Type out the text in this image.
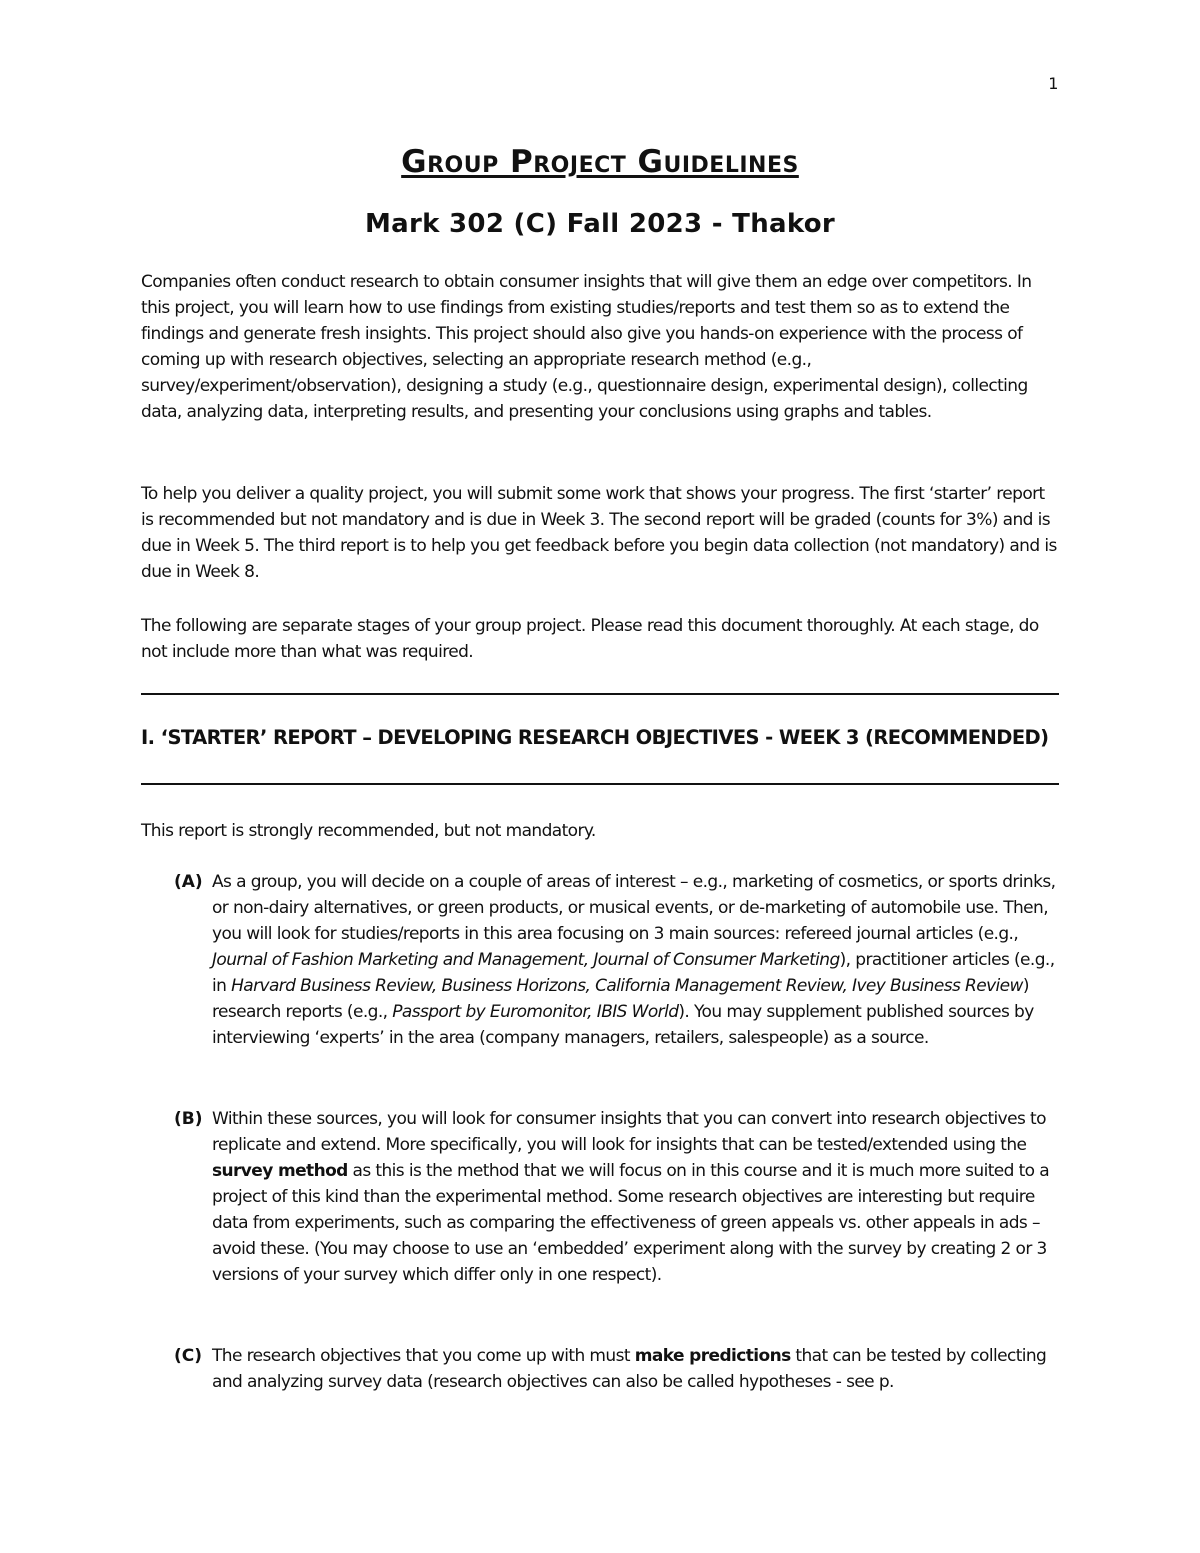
1
Group Project Guidelines
Mark 302 (C) Fall 2023 - Thakor

Companies often conduct research to obtain consumer insights that will give them an edge over competitors. In this project, you will learn how to use findings from existing studies/reports and test them so as to extend the findings and generate fresh insights. This project should also give you hands-on experience with the process of coming up with research objectives, selecting an appropriate research method (e.g., survey/experiment/observation), designing a study (e.g., questionnaire design, experimental design), collecting data, analyzing data, interpreting results, and presenting your conclusions using graphs and tables.

To help you deliver a quality project, you will submit some work that shows your progress. The first ‘starter’ report is recommended but not mandatory and is due in Week 3. The second report will be graded (counts for 3%) and is due in Week 5. The third report is to help you get feedback before you begin data collection (not mandatory) and is due in Week 8.

The following are separate stages of your group project. Please read this document thoroughly. At each stage, do not include more than what was required.

I. ‘STARTER’ REPORT – DEVELOPING RESEARCH OBJECTIVES - WEEK 3 (RECOMMENDED)

This report is strongly recommended, but not mandatory.

(A) As a group, you will decide on a couple of areas of interest – e.g., marketing of cosmetics, or sports drinks, or non-dairy alternatives, or green products, or musical events, or de-marketing of automobile use. Then, you will look for studies/reports in this area focusing on 3 main sources: refereed journal articles (e.g., Journal of Fashion Marketing and Management, Journal of Consumer Marketing), practitioner articles (e.g., in Harvard Business Review, Business Horizons, California Management Review, Ivey Business Review) research reports (e.g., Passport by Euromonitor, IBIS World). You may supplement published sources by interviewing ‘experts’ in the area (company managers, retailers, salespeople) as a source.

(B) Within these sources, you will look for consumer insights that you can convert into research objectives to replicate and extend. More specifically, you will look for insights that can be tested/extended using the survey method as this is the method that we will focus on in this course and it is much more suited to a project of this kind than the experimental method. Some research objectives are interesting but require data from experiments, such as comparing the effectiveness of green appeals vs. other appeals in ads – avoid these. (You may choose to use an ‘embedded’ experiment along with the survey by creating 2 or 3 versions of your survey which differ only in one respect).

(C) The research objectives that you come up with must make predictions that can be tested by collecting and analyzing survey data (research objectives can also be called hypotheses - see p.
